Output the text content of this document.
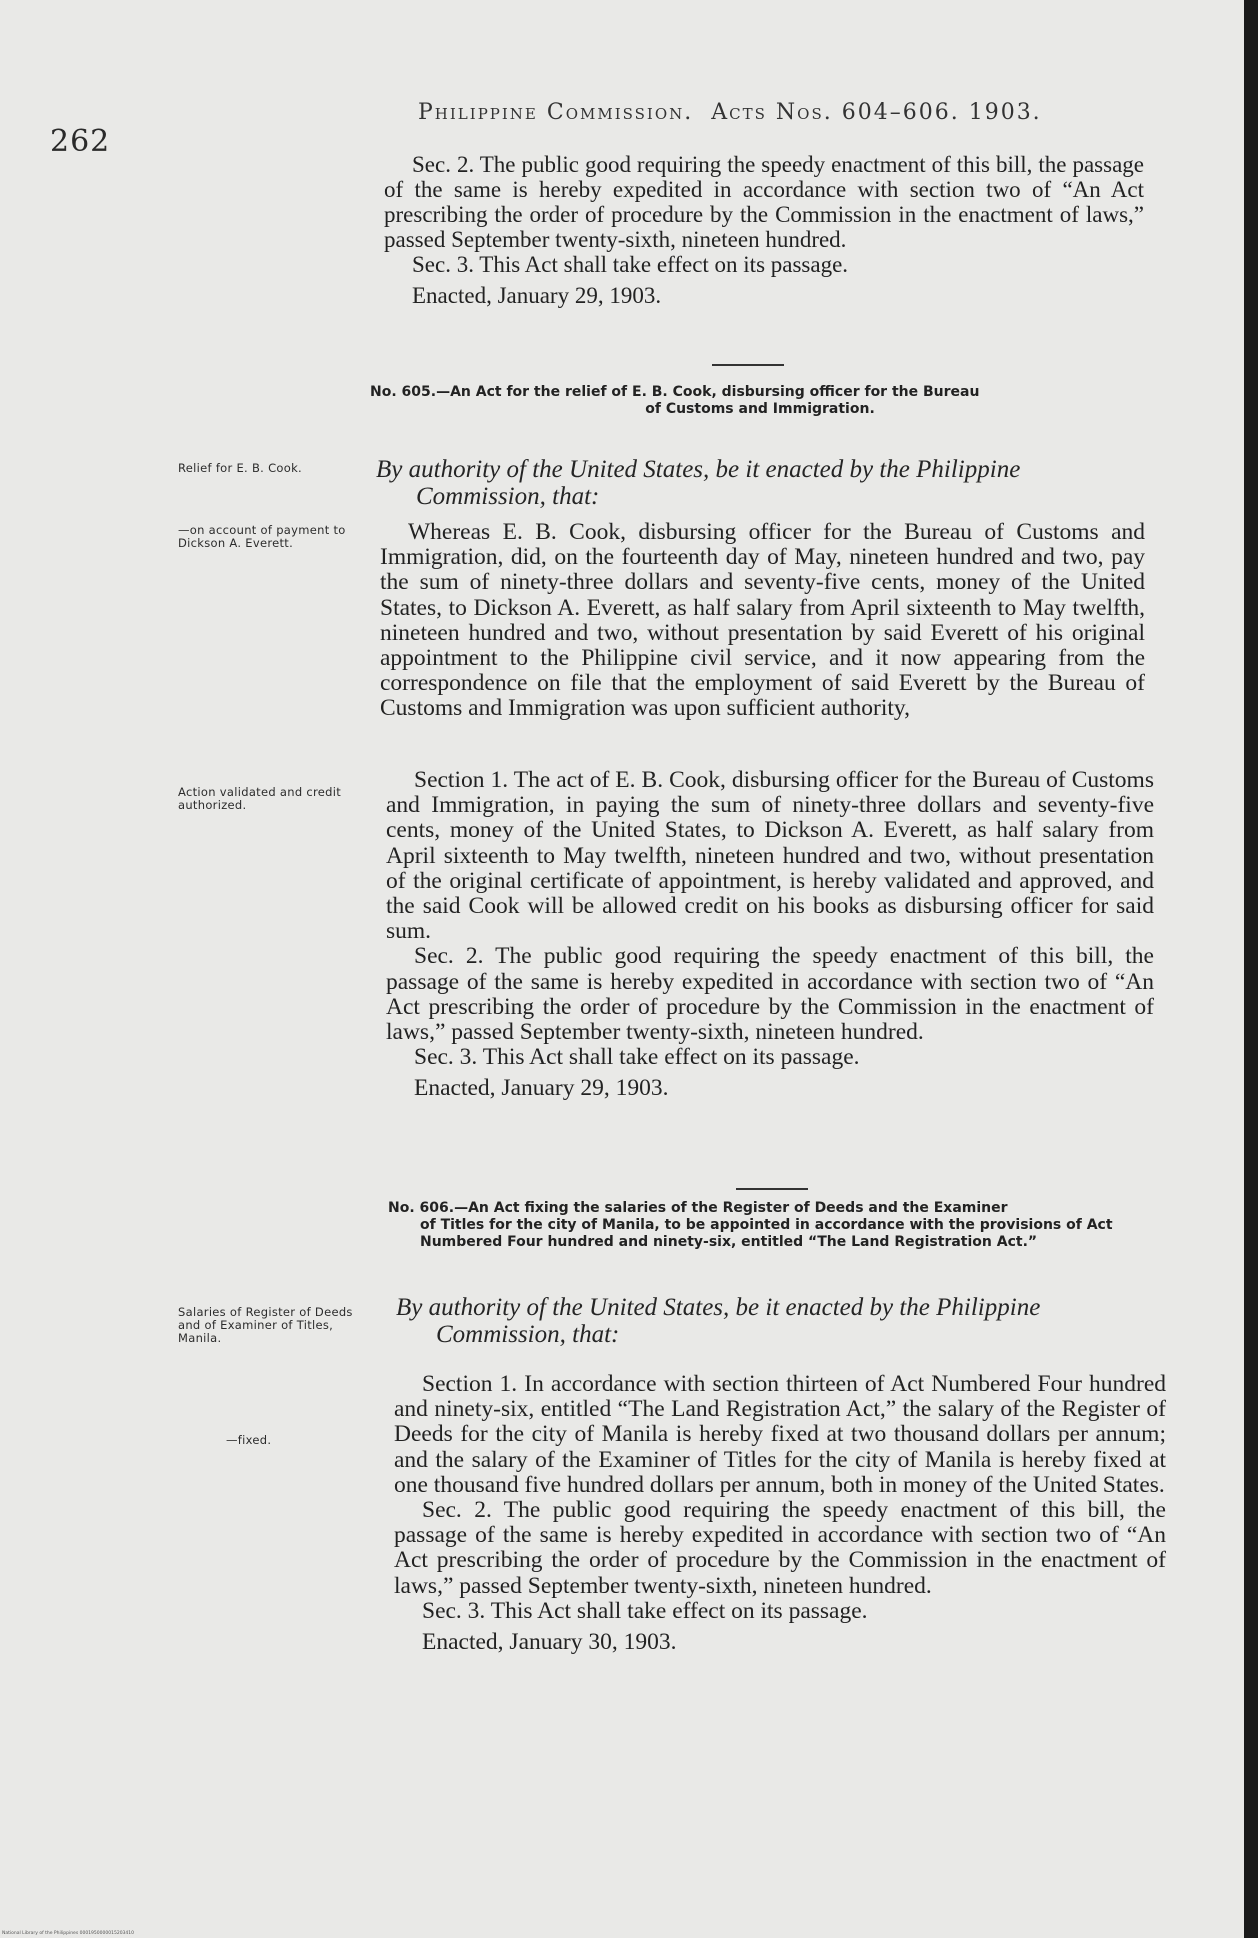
262
Philippine Commission. Acts Nos. 604–606. 1903.

Sec. 2. The public good requiring the speedy enactment of this bill, the passage of the same is hereby expedited in accordance with section two of “An Act prescribing the order of procedure by the Commission in the enactment of laws,” passed September twenty-sixth, nineteen hundred.

Sec. 3. This Act shall take effect on its passage.

Enacted, January 29, 1903.

No. 605.—An Act for the relief of E. B. Cook, disbursing officer for the Bureau
of Customs and Immigration.
Relief for E. B. Cook.	By authority of the United States, be it enacted by the Philippine
Commission, that:
—on account of payment to Dickson A. Everett.	Whereas E. B. Cook, disbursing officer for the Bureau of Customs and Immigration, did, on the fourteenth day of May, nineteen hundred and two, pay the sum of ninety-three dollars and seventy-five cents, money of the United States, to Dickson A. Everett, as half salary from April sixteenth to May twelfth, nineteen hundred and two, without presentation by said Everett of his original appointment to the Philippine civil service, and it now appearing from the correspondence on file that the employment of said Everett by the Bureau of Customs and Immigration was upon sufficient authority,

Action validated and credit authorized.

Section 1. The act of E. B. Cook, disbursing officer for the Bureau of Customs and Immigration, in paying the sum of ninety-three dollars and seventy-five cents, money of the United States, to Dickson A. Everett, as half salary from April sixteenth to May twelfth, nineteen hundred and two, without presentation of the original certificate of appointment, is hereby validated and approved, and the said Cook will be allowed credit on his books as disbursing officer for said sum.

Sec. 2. The public good requiring the speedy enactment of this bill, the passage of the same is hereby expedited in accordance with section two of “An Act prescribing the order of procedure by the Commission in the enactment of laws,” passed September twenty-sixth, nineteen hundred.

Sec. 3. This Act shall take effect on its passage.

Enacted, January 29, 1903.

No. 606.—An Act fixing the salaries of the Register of Deeds and the Examiner
of Titles for the city of Manila, to be appointed in accordance with the provisions of Act Numbered Four hundred and ninety-six, entitled “The Land Registration Act.”
Salaries of Register of Deeds and of Examiner of Titles, Manila.
By authority of the United States, be it enacted by the Philippine
Commission, that:
—fixed.

Section 1. In accordance with section thirteen of Act Numbered Four hundred and ninety-six, entitled “The Land Registration Act,” the salary of the Register of Deeds for the city of Manila is hereby fixed at two thousand dollars per annum; and the salary of the Examiner of Titles for the city of Manila is hereby fixed at one thousand five hundred dollars per annum, both in money of the United States.

Sec. 2. The public good requiring the speedy enactment of this bill, the passage of the same is hereby expedited in accordance with section two of “An Act prescribing the order of procedure by the Commission in the enactment of laws,” passed September twenty-sixth, nineteen hundred.

Sec. 3. This Act shall take effect on its passage.

Enacted, January 30, 1903.

National Library of the Philippines 0001950000015203410
